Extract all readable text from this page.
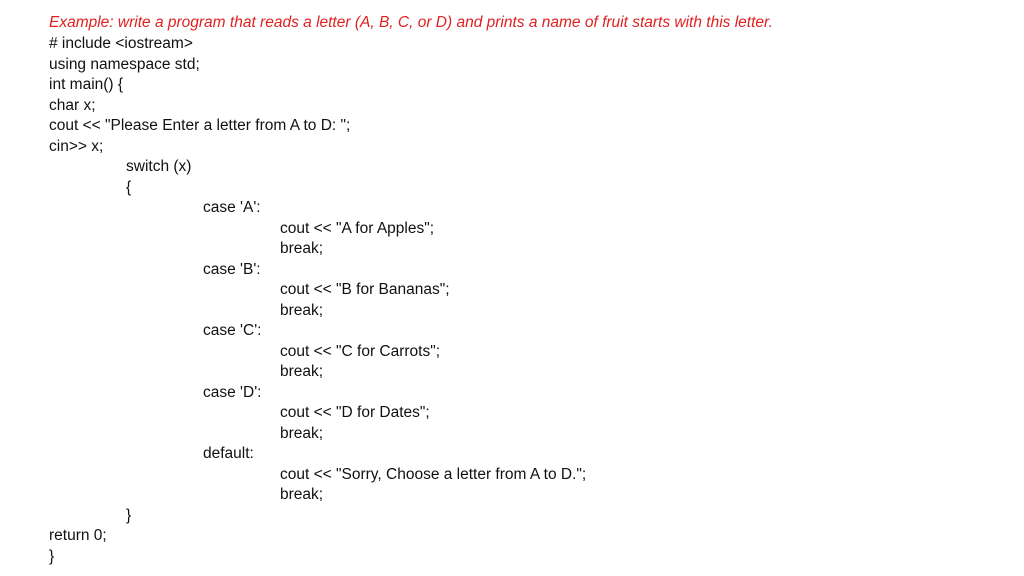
Example: write a program that reads a letter (A, B, C, or D) and prints a name of fruit starts with this letter.
# include <iostream>
using namespace std;
int main() {
char x;
cout << "Please Enter a letter from A to D: ";
cin>> x;
switch (x)
{
case 'A':
cout << "A for Apples";
break;
case 'B':
cout << "B for Bananas";
break;
case 'C':
cout << "C for Carrots";
break;
case 'D':
cout << "D for Dates";
break;
default:
cout << "Sorry, Choose a letter from A to D.";
break;
}
return 0;
}
